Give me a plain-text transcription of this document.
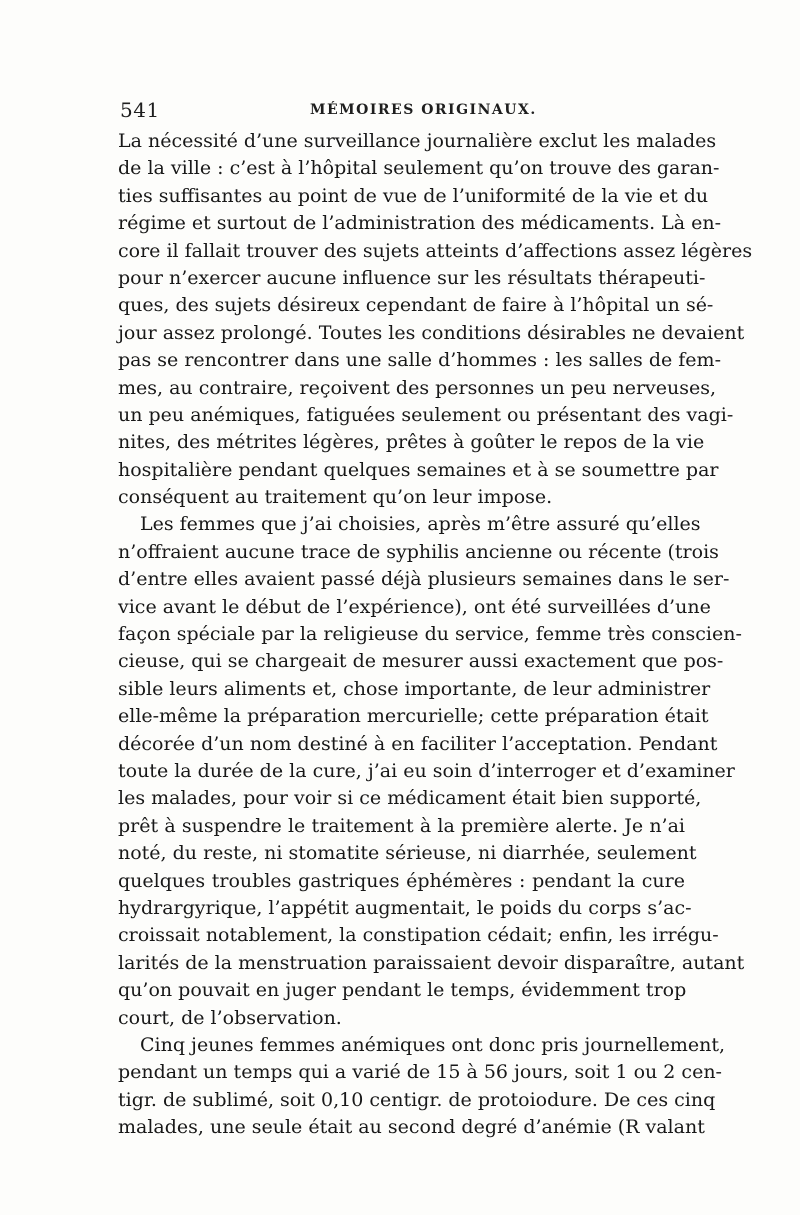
541	MÉMOIRES ORIGINAUX.
La nécessité d’une surveillance journalière exclut les malades
de la ville : c’est à l’hôpital seulement qu’on trouve des garan-
ties suffisantes au point de vue de l’uniformité de la vie et du
régime et surtout de l’administration des médicaments. Là en-
core il fallait trouver des sujets atteints d’affections assez légères
pour n’exercer aucune influence sur les résultats thérapeuti-
ques, des sujets désireux cependant de faire à l’hôpital un sé-
jour assez prolongé. Toutes les conditions désirables ne devaient
pas se rencontrer dans une salle d’hommes : les salles de fem-
mes, au contraire, reçoivent des personnes un peu nerveuses,
un peu anémiques, fatiguées seulement ou présentant des vagi-
nites, des métrites légères, prêtes à goûter le repos de la vie
hospitalière pendant quelques semaines et à se soumettre par
conséquent au traitement qu’on leur impose.
Les femmes que j’ai choisies, après m’être assuré qu’elles
n’offraient aucune trace de syphilis ancienne ou récente (trois
d’entre elles avaient passé déjà plusieurs semaines dans le ser-
vice avant le début de l’expérience), ont été surveillées d’une
façon spéciale par la religieuse du service, femme très conscien-
cieuse, qui se chargeait de mesurer aussi exactement que pos-
sible leurs aliments et, chose importante, de leur administrer
elle-même la préparation mercurielle; cette préparation était
décorée d’un nom destiné à en faciliter l’acceptation. Pendant
toute la durée de la cure, j’ai eu soin d’interroger et d’examiner
les malades, pour voir si ce médicament était bien supporté,
prêt à suspendre le traitement à la première alerte. Je n’ai
noté, du reste, ni stomatite sérieuse, ni diarrhée, seulement
quelques troubles gastriques éphémères : pendant la cure
hydrargyrique, l’appétit augmentait, le poids du corps s’ac-
croissait notablement, la constipation cédait; enfin, les irrégu-
larités de la menstruation paraissaient devoir disparaître, autant
qu’on pouvait en juger pendant le temps, évidemment trop
court, de l’observation.
Cinq jeunes femmes anémiques ont donc pris journellement,
pendant un temps qui a varié de 15 à 56 jours, soit 1 ou 2 cen-
tigr. de sublimé, soit 0,10 centigr. de protoiodure. De ces cinq
malades, une seule était au second degré d’anémie (R valant
